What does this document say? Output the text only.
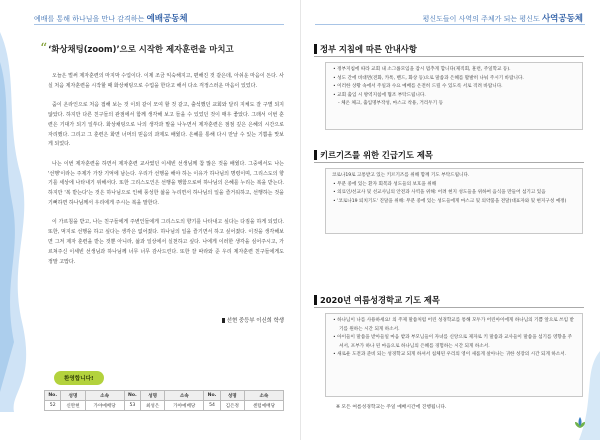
예배를 통해 하나님을 만나 감격하는 예배공동체
“ ‘화상채팅(zoom)’으로 시작한 제자훈련을 마치고

오늘은 벌써 제자훈련의 마지막 수업이다. 이제 조금 익숙해지고, 편해진 것 같은데, 아쉬운 마음이 든다. 사실 처음 제자훈련을 시작할 때 화상채팅으로 수업을 한다고 해서 다소 걱정스러운 마음이 있었다.

줌이 온라인으로 처음 접해 보는 것 이외 같이 모여 할 것 같고, 출석했던 교회와 달리 지체도 잘 구별 되지 않았다. 하지만 다른 친구들의 관점에서 함께 생각해 보고 들을 수 있었던 것이 매우 좋았다. 그래서 이번 훈련은 기대가 되기 일쑤다. 화상채팅으로 나의 생각과 말을 나누면서 제자훈련은 점점 깊은 은혜의 시간으로 자리했다. 그리고 그 훈련은 화면 너머의 믿음의 과제도 배웠다. 은혜를 통해 다시 만날 수 있는 기쁨을 맛보게 되었다.

나는 이번 제자훈련을 하면서 제자훈련 교사였던 이세빈 선생님께 참 많은 것을 배웠다. 그중에서도 나는 '선행'이라는 주제가 가장 기억에 남는다. 우리가 선행을 해야 하는 이유가 하나님의 명령이며, 그리스도의 향기를 세상에 나타내기 위해서다. 또한 그리스도인은 선행을 행함으로써 하나님의 은혜를 누리는 복을 받는다. 하지만 '복 받는다'는 것은 하나님으로 인해 풍성한 삶을 누리면서 하나님의 일을 즐거워하고, 선행하는 것을 기뻐하면 하나님께서 우리에게 주시는 복을 말한다.

이 가르침을 받고, 나는 친구들에게 주변인들에게 그리스도의 향기를 나타내고 싶다는 다짐을 하게 되었다. 또한, 먹지로 선행을 하고 싶다는 생각은 없어졌다. 하나님의 일을 즐기면서 하고 싶어졌다. 이것을 생각해보면 그저 제자 훈련을 받는 것뿐 아니라, 삶과 일상에서 실천하고 싶다. 나에게 이러한 생각을 심어주시고, 가르쳐주신 이세빈 선생님과 하나님께 너무 너무 감사드린다. 또한 잘 따라와 준 우리 제자훈련 친구들에게도 정말 고맙다.

선현 중등부 이신희 학생
환영합니다!
No.	성명	소속	No.	성명	소속	No.	성명	소속
52	신완현	가야예배당	53	최성은	가야예배당	54	김은정	센텀예배당
평신도들이 사역의 주체가 되는 평신도 사역공동체
정부 지침에 따른 안내사항
• 정부지침에 따라 교회 내 소그룹모임을 잠시 멈추게 합니다(제직회, 훈련, 주일학교 등).
• 성도 간에 비대면(전화, 카톡, 밴드, 화상 등)으로 말씀과 은혜를 활발히 나눠 주시기 바랍니다.
• 이러한 상황 속에서 주일과 수요 예배를 온전히 드릴 수 있도록 서로 격려 바랍니다.
• 교회 출입 시 방역지침에 협조 부탁드립니다.
- 체온 체크, 출입명부작성, 마스크 착용, 거리두기 등
키르기즈를 위한 긴급기도 제목

코로나19로 고통받고 있는 키르기즈를 위해 함께 기도 부탁드립니다.

• 무분 중에 있는 환자 회복과 성도들의 보호을 위해
• 의료인/선교사 및 선교사님의 안전과 사역을 위해: 어려 현지 성도들을 위하여 음식을 만들어 섬기고 있음
• '코로나19 퇴치기도' 진달을 위해: 무분 중에 있는 성도들에게 마스크 및 의약품을 전달(대표자와 및 현지구성 예정)
2020년 여름성경학교 기도 제목
• 하나님이 나를 사용하세요! 의 주제 말씀처럼 어린 성경학교를 통해 모두가 어린아이에게 하나님의 기쁨 앞으로 쓰임 받기를 원하는 시간 되게 하소서.
• 아이들이 말씀을 받아들일 마음 밭과 부모님들이 자녀를 신앙으로 제자로 키 말씀과 교사들이 말씀을 섬기를 영향을 주셔서, 포부가 하나 된 마음으로 하나님의 은혜를 경험하는 시간 되게 하소서.
• 새로운 도전과 준비 되는 성경학교 되게 하셔서 침체된 우리의 영이 새롭게 살아나는 귀한 성장의 시간 되게 하소서.
※ 모든 여름성경학교는 주일 예배시간에 진행됩니다.
